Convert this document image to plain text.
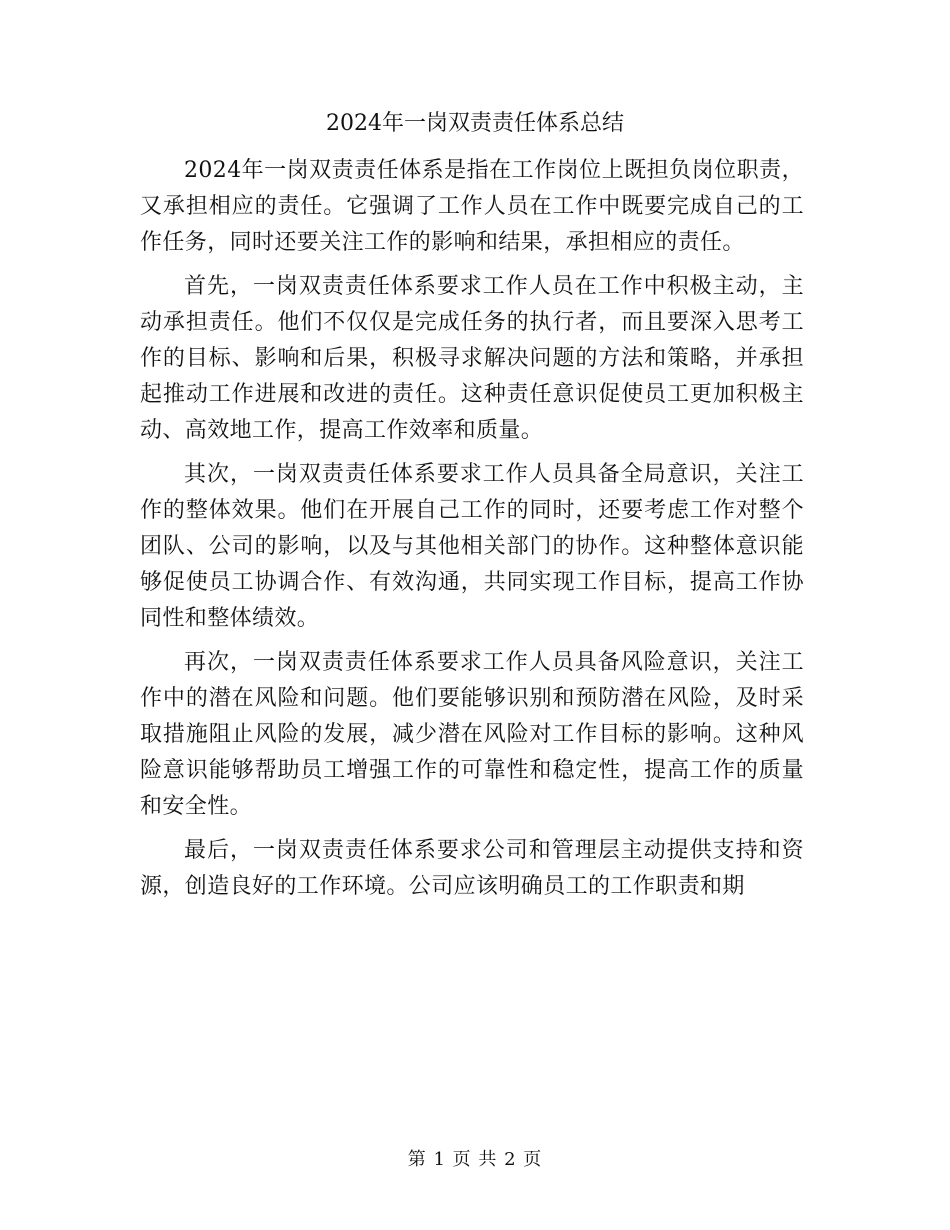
2024年一岗双责责任体系总结

2024年一岗双责责任体系是指在工作岗位上既担负岗位职责，又承担相应的责任。它强调了工作人员在工作中既要完成自己的工作任务，同时还要关注工作的影响和结果，承担相应的责任。

首先，一岗双责责任体系要求工作人员在工作中积极主动，主动承担责任。他们不仅仅是完成任务的执行者，而且要深入思考工作的目标、影响和后果，积极寻求解决问题的方法和策略，并承担起推动工作进展和改进的责任。这种责任意识促使员工更加积极主动、高效地工作，提高工作效率和质量。

其次，一岗双责责任体系要求工作人员具备全局意识，关注工作的整体效果。他们在开展自己工作的同时，还要考虑工作对整个团队、公司的影响，以及与其他相关部门的协作。这种整体意识能够促使员工协调合作、有效沟通，共同实现工作目标，提高工作协同性和整体绩效。

再次，一岗双责责任体系要求工作人员具备风险意识，关注工作中的潜在风险和问题。他们要能够识别和预防潜在风险，及时采取措施阻止风险的发展，减少潜在风险对工作目标的影响。这种风险意识能够帮助员工增强工作的可靠性和稳定性，提高工作的质量和安全性。

最后，一岗双责责任体系要求公司和管理层主动提供支持和资源，创造良好的工作环境。公司应该明确员工的工作职责和期

第 1 页 共 2 页
